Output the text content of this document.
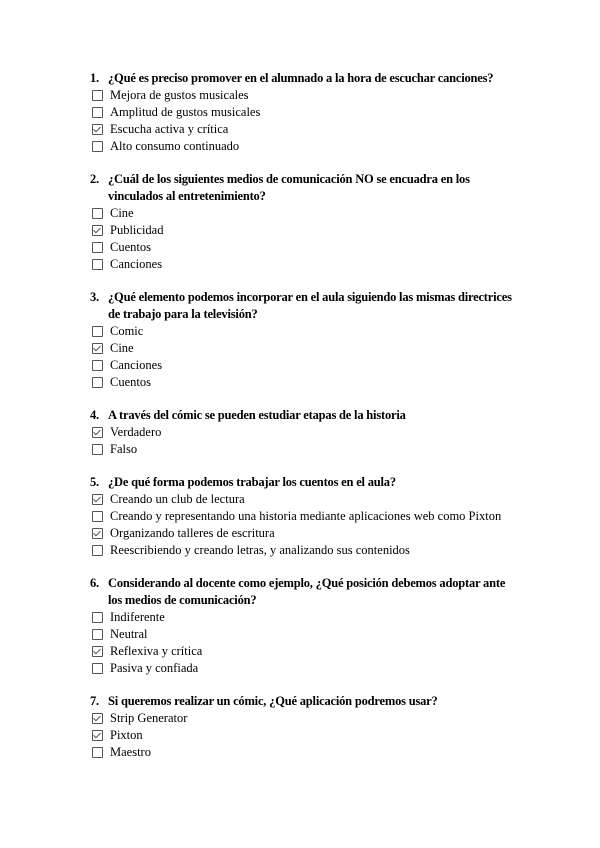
1. ¿Qué es preciso promover en el alumnado a la hora de escuchar canciones?
Mejora de gustos musicales
Amplitud de gustos musicales
Escucha activa y crítica
Alto consumo continuado
2. ¿Cuál de los siguientes medios de comunicación NO se encuadra en los vinculados al entretenimiento?
Cine
Publicidad
Cuentos
Canciones
3. ¿Qué elemento podemos incorporar en el aula siguiendo las mismas directrices de trabajo para la televisión?
Comic
Cine
Canciones
Cuentos
4. A través del cómic se pueden estudiar etapas de la historia
Verdadero
Falso
5. ¿De qué forma podemos trabajar los cuentos en el aula?
Creando un club de lectura
Creando y representando una historia mediante aplicaciones web como Pixton
Organizando talleres de escritura
Reescribiendo y creando letras, y analizando sus contenidos
6. Considerando al docente como ejemplo, ¿Qué posición debemos adoptar ante los medios de comunicación?
Indiferente
Neutral
Reflexiva y crítica
Pasiva y confiada
7. Si queremos realizar un cómic, ¿Qué aplicación podremos usar?
Strip Generator
Pixton
Maestro
